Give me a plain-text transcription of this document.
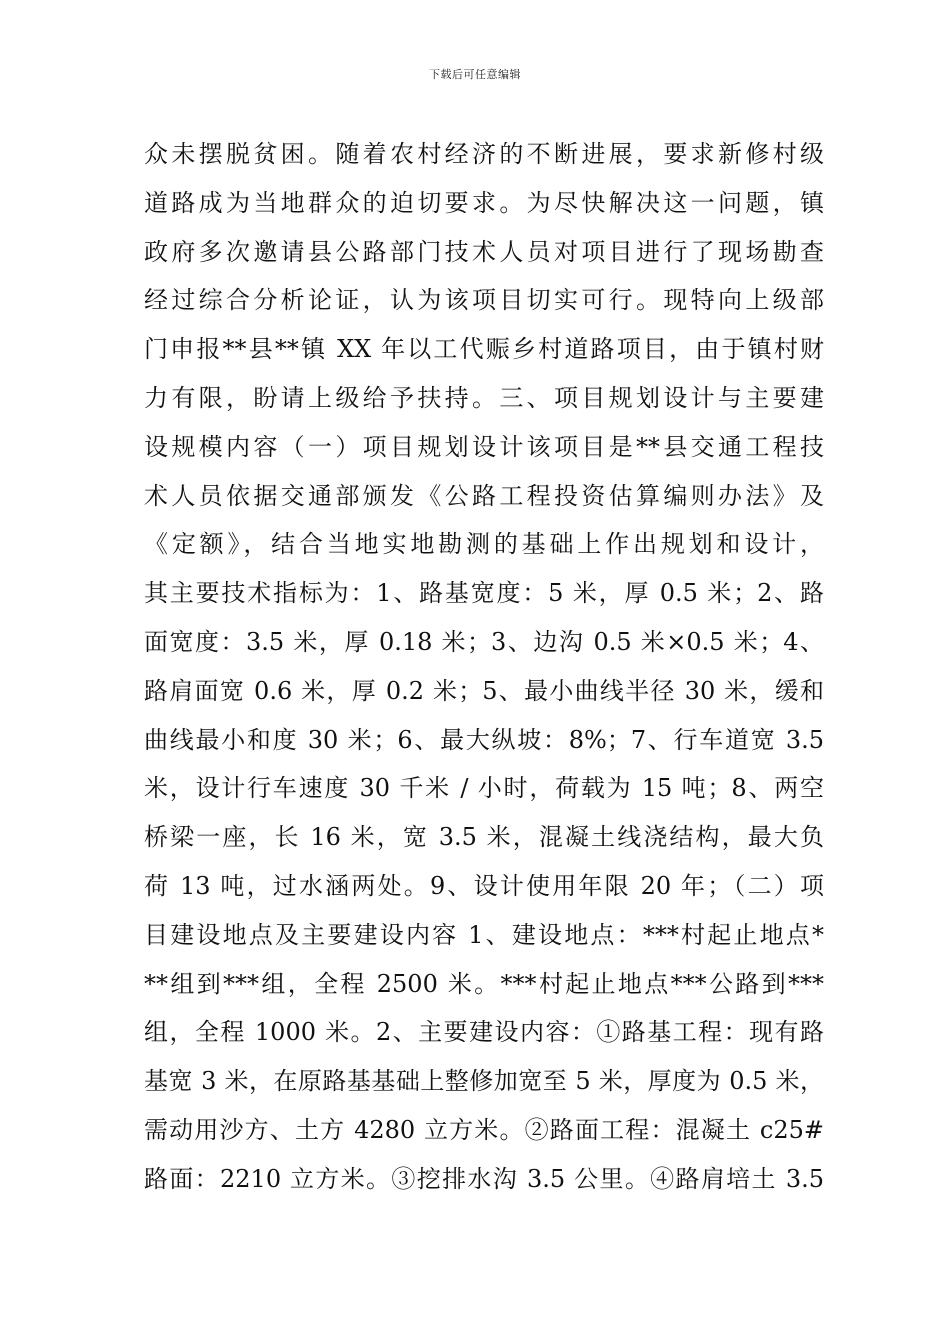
下载后可任意编辑
众未摆脱贫困。随着农村经济的不断进展，要求新修村级
道路成为当地群众的迫切要求。为尽快解决这一问题，镇
政府多次邀请县公路部门技术人员对项目进行了现场勘查
经过综合分析论证，认为该项目切实可行。现特向上级部
门申报**县**镇 XX 年以工代赈乡村道路项目，由于镇村财
力有限，盼请上级给予扶持。三、项目规划设计与主要建
设规模内容（一）项目规划设计该项目是**县交通工程技
术人员依据交通部颁发《公路工程投资估算编则办法》及
《定额》，结合当地实地勘测的基础上作出规划和设计，
其主要技术指标为：1、路基宽度：5 米，厚 0.5 米；2、路
面宽度：3.5 米，厚 0.18 米；3、边沟 0.5 米×0.5 米；4、
路肩面宽 0.6 米，厚 0.2 米；5、最小曲线半径 30 米，缓和
曲线最小和度 30 米；6、最大纵坡：8%；7、行车道宽 3.5
米，设计行车速度 30 千米 / 小时，荷载为 15 吨；8、两空
桥梁一座，长 16 米，宽 3.5 米，混凝土线浇结构，最大负
荷 13 吨，过水涵两处。9、设计使用年限 20 年；（二）项
目建设地点及主要建设内容 1、建设地点：***村起止地点*
**组到***组，全程 2500 米。***村起止地点***公路到***
组，全程 1000 米。2、主要建设内容：①路基工程：现有路
基宽 3 米，在原路基基础上整修加宽至 5 米，厚度为 0.5 米，
需动用沙方、土方 4280 立方米。②路面工程：混凝土 c25#
路面：2210 立方米。③挖排水沟 3.5 公里。④路肩培土 3.5
